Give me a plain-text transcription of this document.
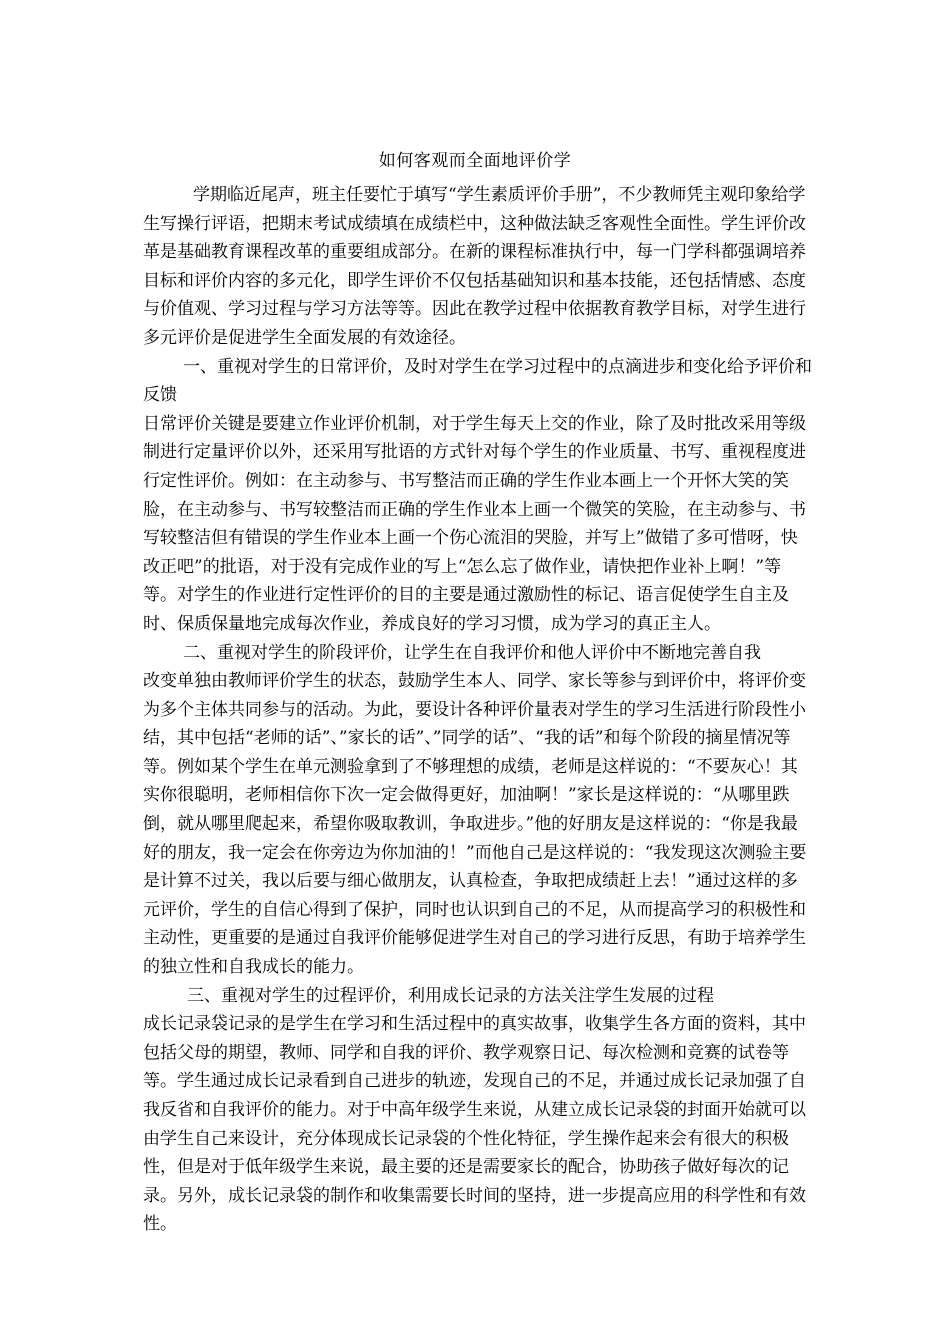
如何客观而全面地评价学

学期临近尾声，班主任要忙于填写“学生素质评价手册”，不少教师凭主观印象给学生写操行评语，把期末考试成绩填在成绩栏中，这种做法缺乏客观性全面性。学生评价改革是基础教育课程改革的重要组成部分。在新的课程标准执行中，每一门学科都强调培养目标和评价内容的多元化，即学生评价不仅包括基础知识和基本技能，还包括情感、态度与价值观、学习过程与学习方法等等。因此在教学过程中依据教育教学目标，对学生进行多元评价是促进学生全面发展的有效途径。

一、重视对学生的日常评价，及时对学生在学习过程中的点滴进步和变化给予评价和反馈

日常评价关键是要建立作业评价机制，对于学生每天上交的作业，除了及时批改采用等级制进行定量评价以外，还采用写批语的方式针对每个学生的作业质量、书写、重视程度进行定性评价。例如：在主动参与、书写整洁而正确的学生作业本画上一个开怀大笑的笑脸，在主动参与、书写较整洁而正确的学生作业本上画一个微笑的笑脸，在主动参与、书写较整洁但有错误的学生作业本上画一个伤心流泪的哭脸，并写上”做错了多可惜呀，快改正吧”的批语，对于没有完成作业的写上“怎么忘了做作业，请快把作业补上啊！”等等。对学生的作业进行定性评价的目的主要是通过激励性的标记、语言促使学生自主及时、保质保量地完成每次作业，养成良好的学习习惯，成为学习的真正主人。

二、重视对学生的阶段评价，让学生在自我评价和他人评价中不断地完善自我

改变单独由教师评价学生的状态，鼓励学生本人、同学、家长等参与到评价中，将评价变为多个主体共同参与的活动。为此，要设计各种评价量表对学生的学习生活进行阶段性小结，其中包括“老师的话”、”家长的话”、”同学的话”、“我的话”和每个阶段的摘星情况等等。例如某个学生在单元测验拿到了不够理想的成绩，老师是这样说的：“不要灰心！其实你很聪明，老师相信你下次一定会做得更好，加油啊！”家长是这样说的：“从哪里跌倒，就从哪里爬起来，希望你吸取教训，争取进步。”他的好朋友是这样说的：“你是我最好的朋友，我一定会在你旁边为你加油的！”而他自己是这样说的：“我发现这次测验主要是计算不过关，我以后要与细心做朋友，认真检查，争取把成绩赶上去！”通过这样的多元评价，学生的自信心得到了保护，同时也认识到自己的不足，从而提高学习的积极性和主动性，更重要的是通过自我评价能够促进学生对自己的学习进行反思，有助于培养学生的独立性和自我成长的能力。

三、重视对学生的过程评价，利用成长记录的方法关注学生发展的过程

成长记录袋记录的是学生在学习和生活过程中的真实故事，收集学生各方面的资料，其中包括父母的期望，教师、同学和自我的评价、教学观察日记、每次检测和竞赛的试卷等等。学生通过成长记录看到自己进步的轨迹，发现自己的不足，并通过成长记录加强了自我反省和自我评价的能力。对于中高年级学生来说，从建立成长记录袋的封面开始就可以由学生自己来设计，充分体现成长记录袋的个性化特征，学生操作起来会有很大的积极性，但是对于低年级学生来说，最主要的还是需要家长的配合，协助孩子做好每次的记录。另外，成长记录袋的制作和收集需要长时间的坚持，进一步提高应用的科学性和有效性。
